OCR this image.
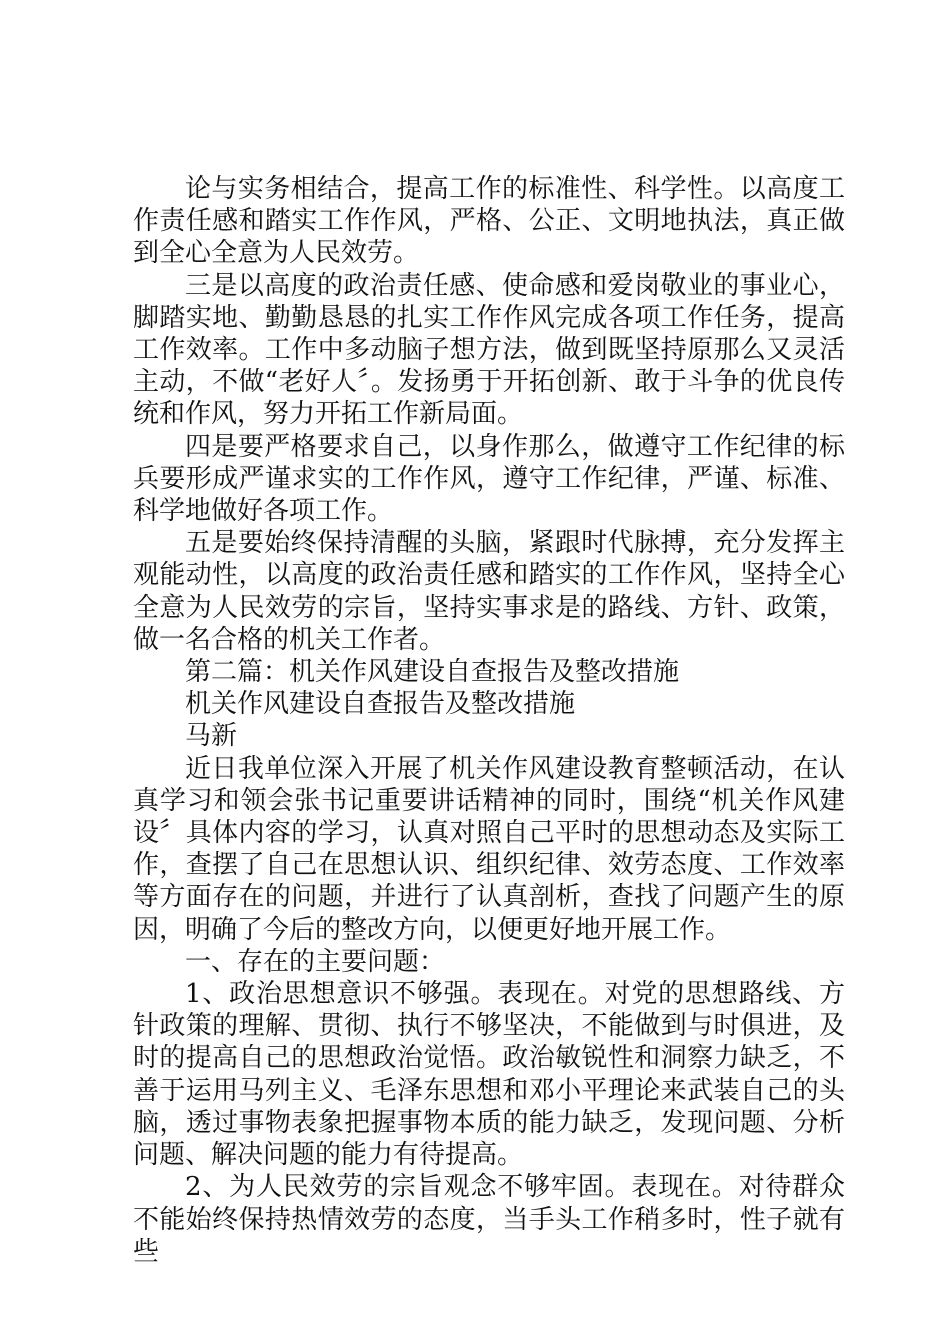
论与实务相结合，提高工作的标准性、科学性。以高度工作责任感和踏实工作作风，严格、公正、文明地执法，真正做到全心全意为人民效劳。

三是以高度的政治责任感、使命感和爱岗敬业的事业心，脚踏实地、勤勤恳恳的扎实工作作风完成各项工作任务，提高工作效率。工作中多动脑子想方法，做到既坚持原那么又灵活主动，不做“老好人〞。发扬勇于开拓创新、敢于斗争的优良传统和作风，努力开拓工作新局面。

四是要严格要求自己，以身作那么，做遵守工作纪律的标兵要形成严谨求实的工作作风，遵守工作纪律，严谨、标准、科学地做好各项工作。

五是要始终保持清醒的头脑，紧跟时代脉搏，充分发挥主观能动性，以高度的政治责任感和踏实的工作作风，坚持全心全意为人民效劳的宗旨，坚持实事求是的路线、方针、政策，做一名合格的机关工作者。

第二篇：机关作风建设自查报告及整改措施

机关作风建设自查报告及整改措施

马新

近日我单位深入开展了机关作风建设教育整顿活动，在认真学习和领会张书记重要讲话精神的同时，围绕“机关作风建设〞具体内容的学习，认真对照自己平时的思想动态及实际工作，查摆了自己在思想认识、组织纪律、效劳态度、工作效率等方面存在的问题，并进行了认真剖析，查找了问题产生的原因，明确了今后的整改方向，以便更好地开展工作。

一、存在的主要问题：

1、政治思想意识不够强。表现在。对党的思想路线、方针政策的理解、贯彻、执行不够坚决，不能做到与时俱进，及时的提高自己的思想政治觉悟。政治敏锐性和洞察力缺乏，不善于运用马列主义、毛泽东思想和邓小平理论来武装自己的头脑，透过事物表象把握事物本质的能力缺乏，发现问题、分析问题、解决问题的能力有待提高。

2、为人民效劳的宗旨观念不够牢固。表现在。对待群众不能始终保持热情效劳的态度，当手头工作稍多时，性子就有些
